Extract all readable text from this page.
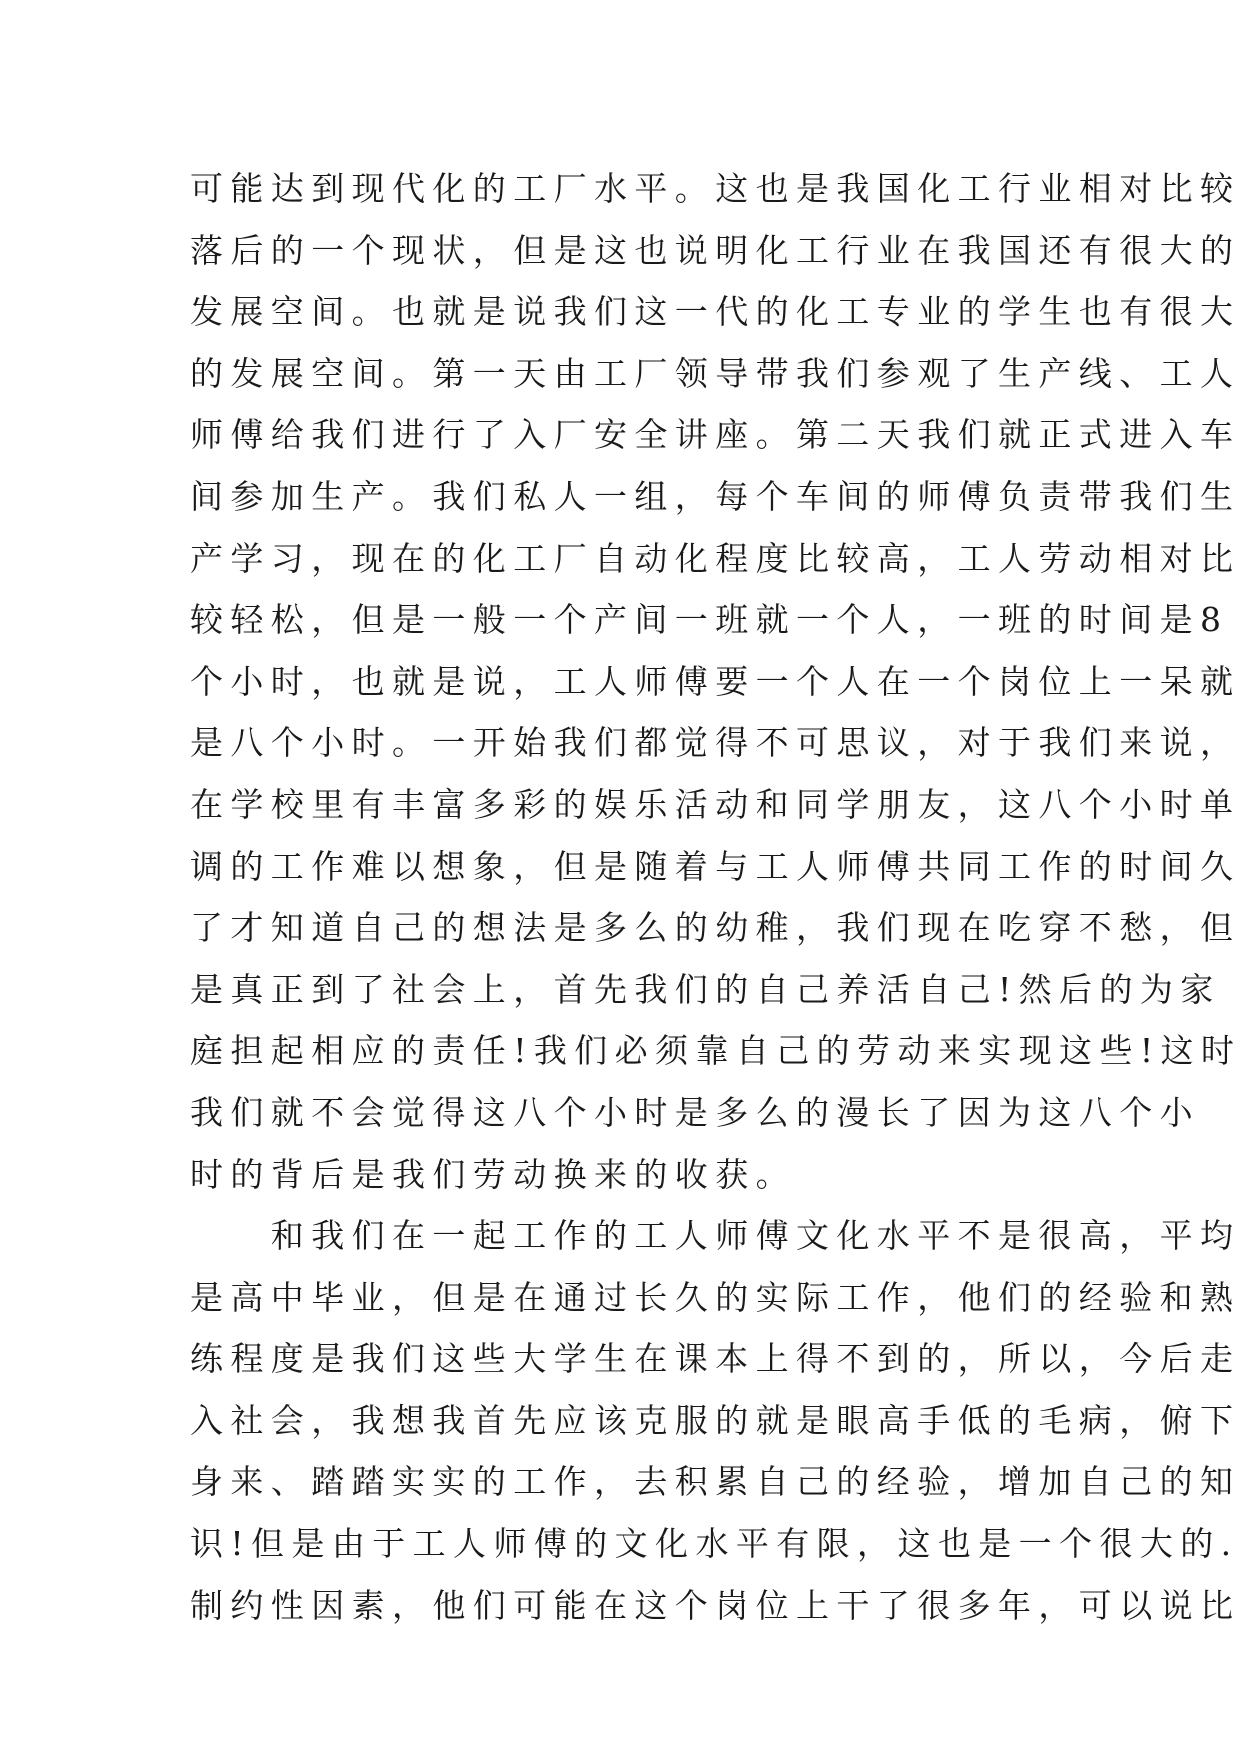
可能达到现代化的工厂水平。这也是我国化工行业相对比较
落后的一个现状，但是这也说明化工行业在我国还有很大的
发展空间。也就是说我们这一代的化工专业的学生也有很大
的发展空间。第一天由工厂领导带我们参观了生产线、工人
师傅给我们进行了入厂安全讲座。第二天我们就正式进入车
间参加生产。我们私人一组，每个车间的师傅负责带我们生
产学习，现在的化工厂自动化程度比较高，工人劳动相对比
较轻松，但是一般一个产间一班就一个人，一班的时间是8
个小时，也就是说，工人师傅要一个人在一个岗位上一呆就
是八个小时。一开始我们都觉得不可思议，对于我们来说，
在学校里有丰富多彩的娱乐活动和同学朋友，这八个小时单
调的工作难以想象，但是随着与工人师傅共同工作的时间久
了才知道自己的想法是多么的幼稚，我们现在吃穿不愁，但
是真正到了社会上，首先我们的自己养活自己!然后的为家
庭担起相应的责任!我们必须靠自己的劳动来实现这些!这时
我们就不会觉得这八个小时是多么的漫长了因为这八个小
时的背后是我们劳动换来的收获。
　　和我们在一起工作的工人师傅文化水平不是很高，平均
是高中毕业，但是在通过长久的实际工作，他们的经验和熟
练程度是我们这些大学生在课本上得不到的，所以，今后走
入社会，我想我首先应该克服的就是眼高手低的毛病，俯下
身来、踏踏实实的工作，去积累自己的经验，增加自己的知
识!但是由于工人师傅的文化水平有限，这也是一个很大的.
制约性因素，他们可能在这个岗位上干了很多年，可以说比
